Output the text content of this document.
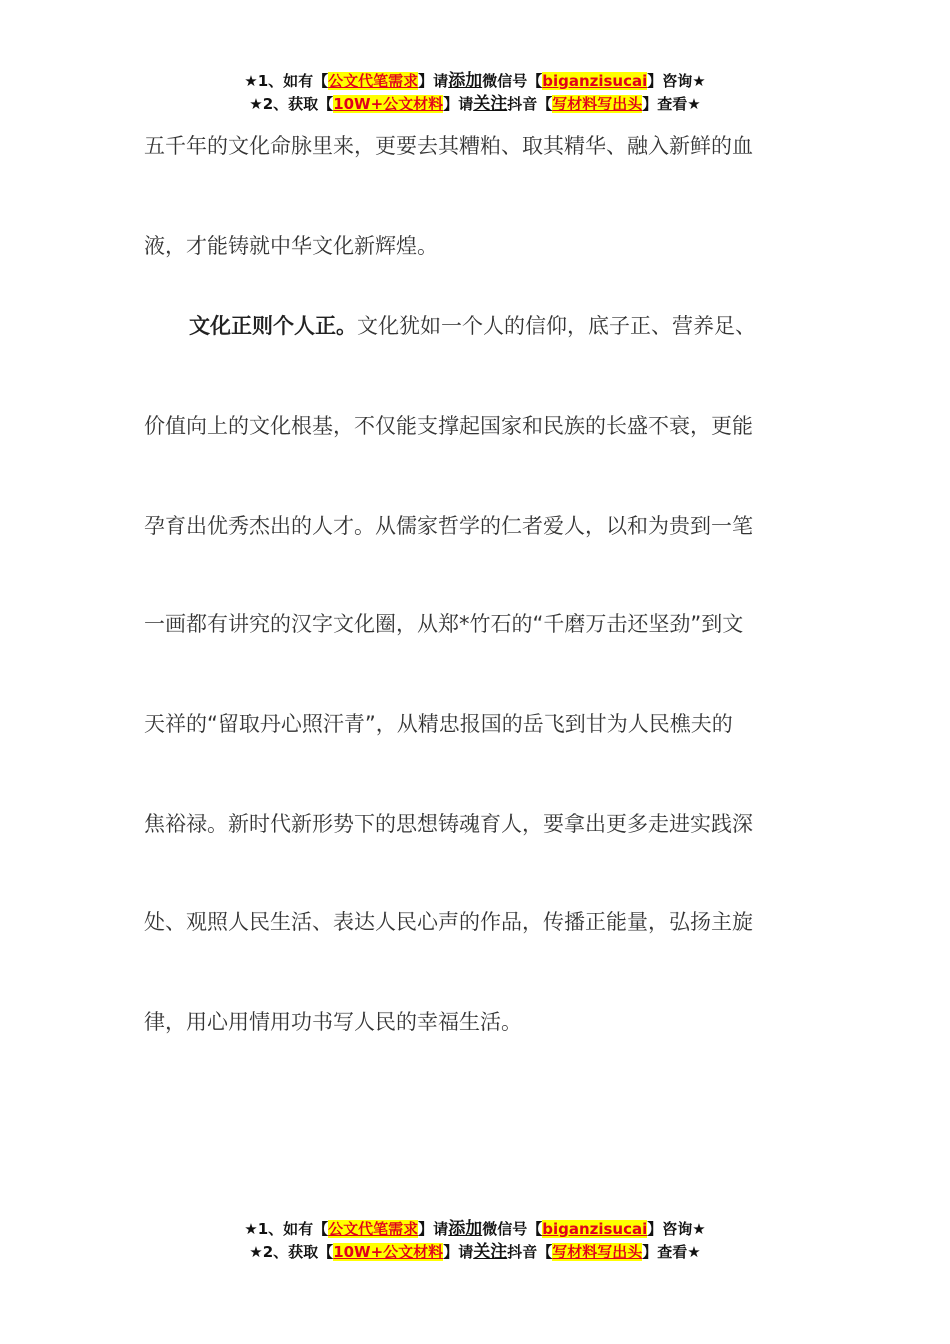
★1、如有【公文代笔需求】请添加微信号【biganzisucai】咨询★
★2、获取【10W+公文材料】请关注抖音【写材料写出头】查看★
五千年的文化命脉里来，更要去其糟粕、取其精华、融入新鲜的血
液，才能铸就中华文化新辉煌。
文化正则个人正。文化犹如一个人的信仰，底子正、营养足、
价值向上的文化根基，不仅能支撑起国家和民族的长盛不衰，更能
孕育出优秀杰出的人才。从儒家哲学的仁者爱人，以和为贵到一笔
一画都有讲究的汉字文化圈，从郑*竹石的“千磨万击还坚劲”到文
天祥的“留取丹心照汗青”，从精忠报国的岳飞到甘为人民樵夫的
焦裕禄。新时代新形势下的思想铸魂育人，要拿出更多走进实践深
处、观照人民生活、表达人民心声的作品，传播正能量，弘扬主旋
律，用心用情用功书写人民的幸福生活。
★1、如有【公文代笔需求】请添加微信号【biganzisucai】咨询★
★2、获取【10W+公文材料】请关注抖音【写材料写出头】查看★
